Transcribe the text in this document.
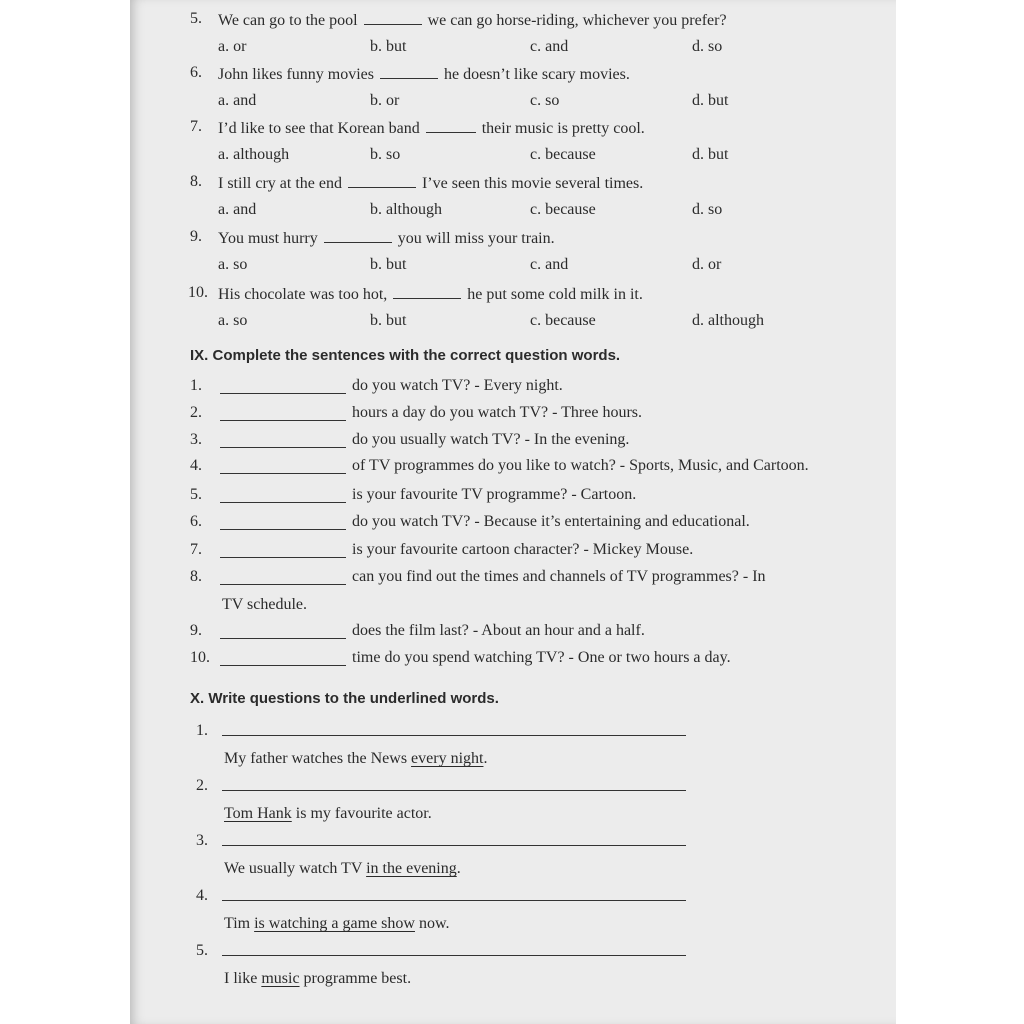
5. We can go to the pool	we can go horse-riding, whichever you prefer?
a. or	b. but	c. and	d. so
6. John likes funny movies	he doesn’t like scary movies.
a. and	b. or	c. so	d. but
7. I’d like to see that Korean band	their music is pretty cool.
a. although	b. so	c. because	d. but
8. I still cry at the end	I’ve seen this movie several times.
a. and	b. although	c. because	d. so
9. You must hurry	you will miss your train.
a. so	b. but	c. and	d. or
10. His chocolate was too hot,	he put some cold milk in it.
a. so	b. but	c. because	d. although
IX. Complete the sentences with the correct question words.
1.	do you watch TV? - Every night.
2.	hours a day do you watch TV? - Three hours.
3.	do you usually watch TV? - In the evening.
4.	of TV programmes do you like to watch? - Sports, Music, and Cartoon.
5.	is your favourite TV programme? - Cartoon.
6.	do you watch TV? - Because it’s entertaining and educational.
7.	is your favourite cartoon character? - Mickey Mouse.
8.	can you find out the times and channels of TV programmes? - In
TV schedule.
9.	does the film last? - About an hour and a half.
10.	time do you spend watching TV? - One or two hours a day.
X. Write questions to the underlined words.
1.
My father watches the News every night.
2.
Tom Hank is my favourite actor.
3.
We usually watch TV in the evening.
4.
Tim is watching a game show now.
5.
I like music programme best.
